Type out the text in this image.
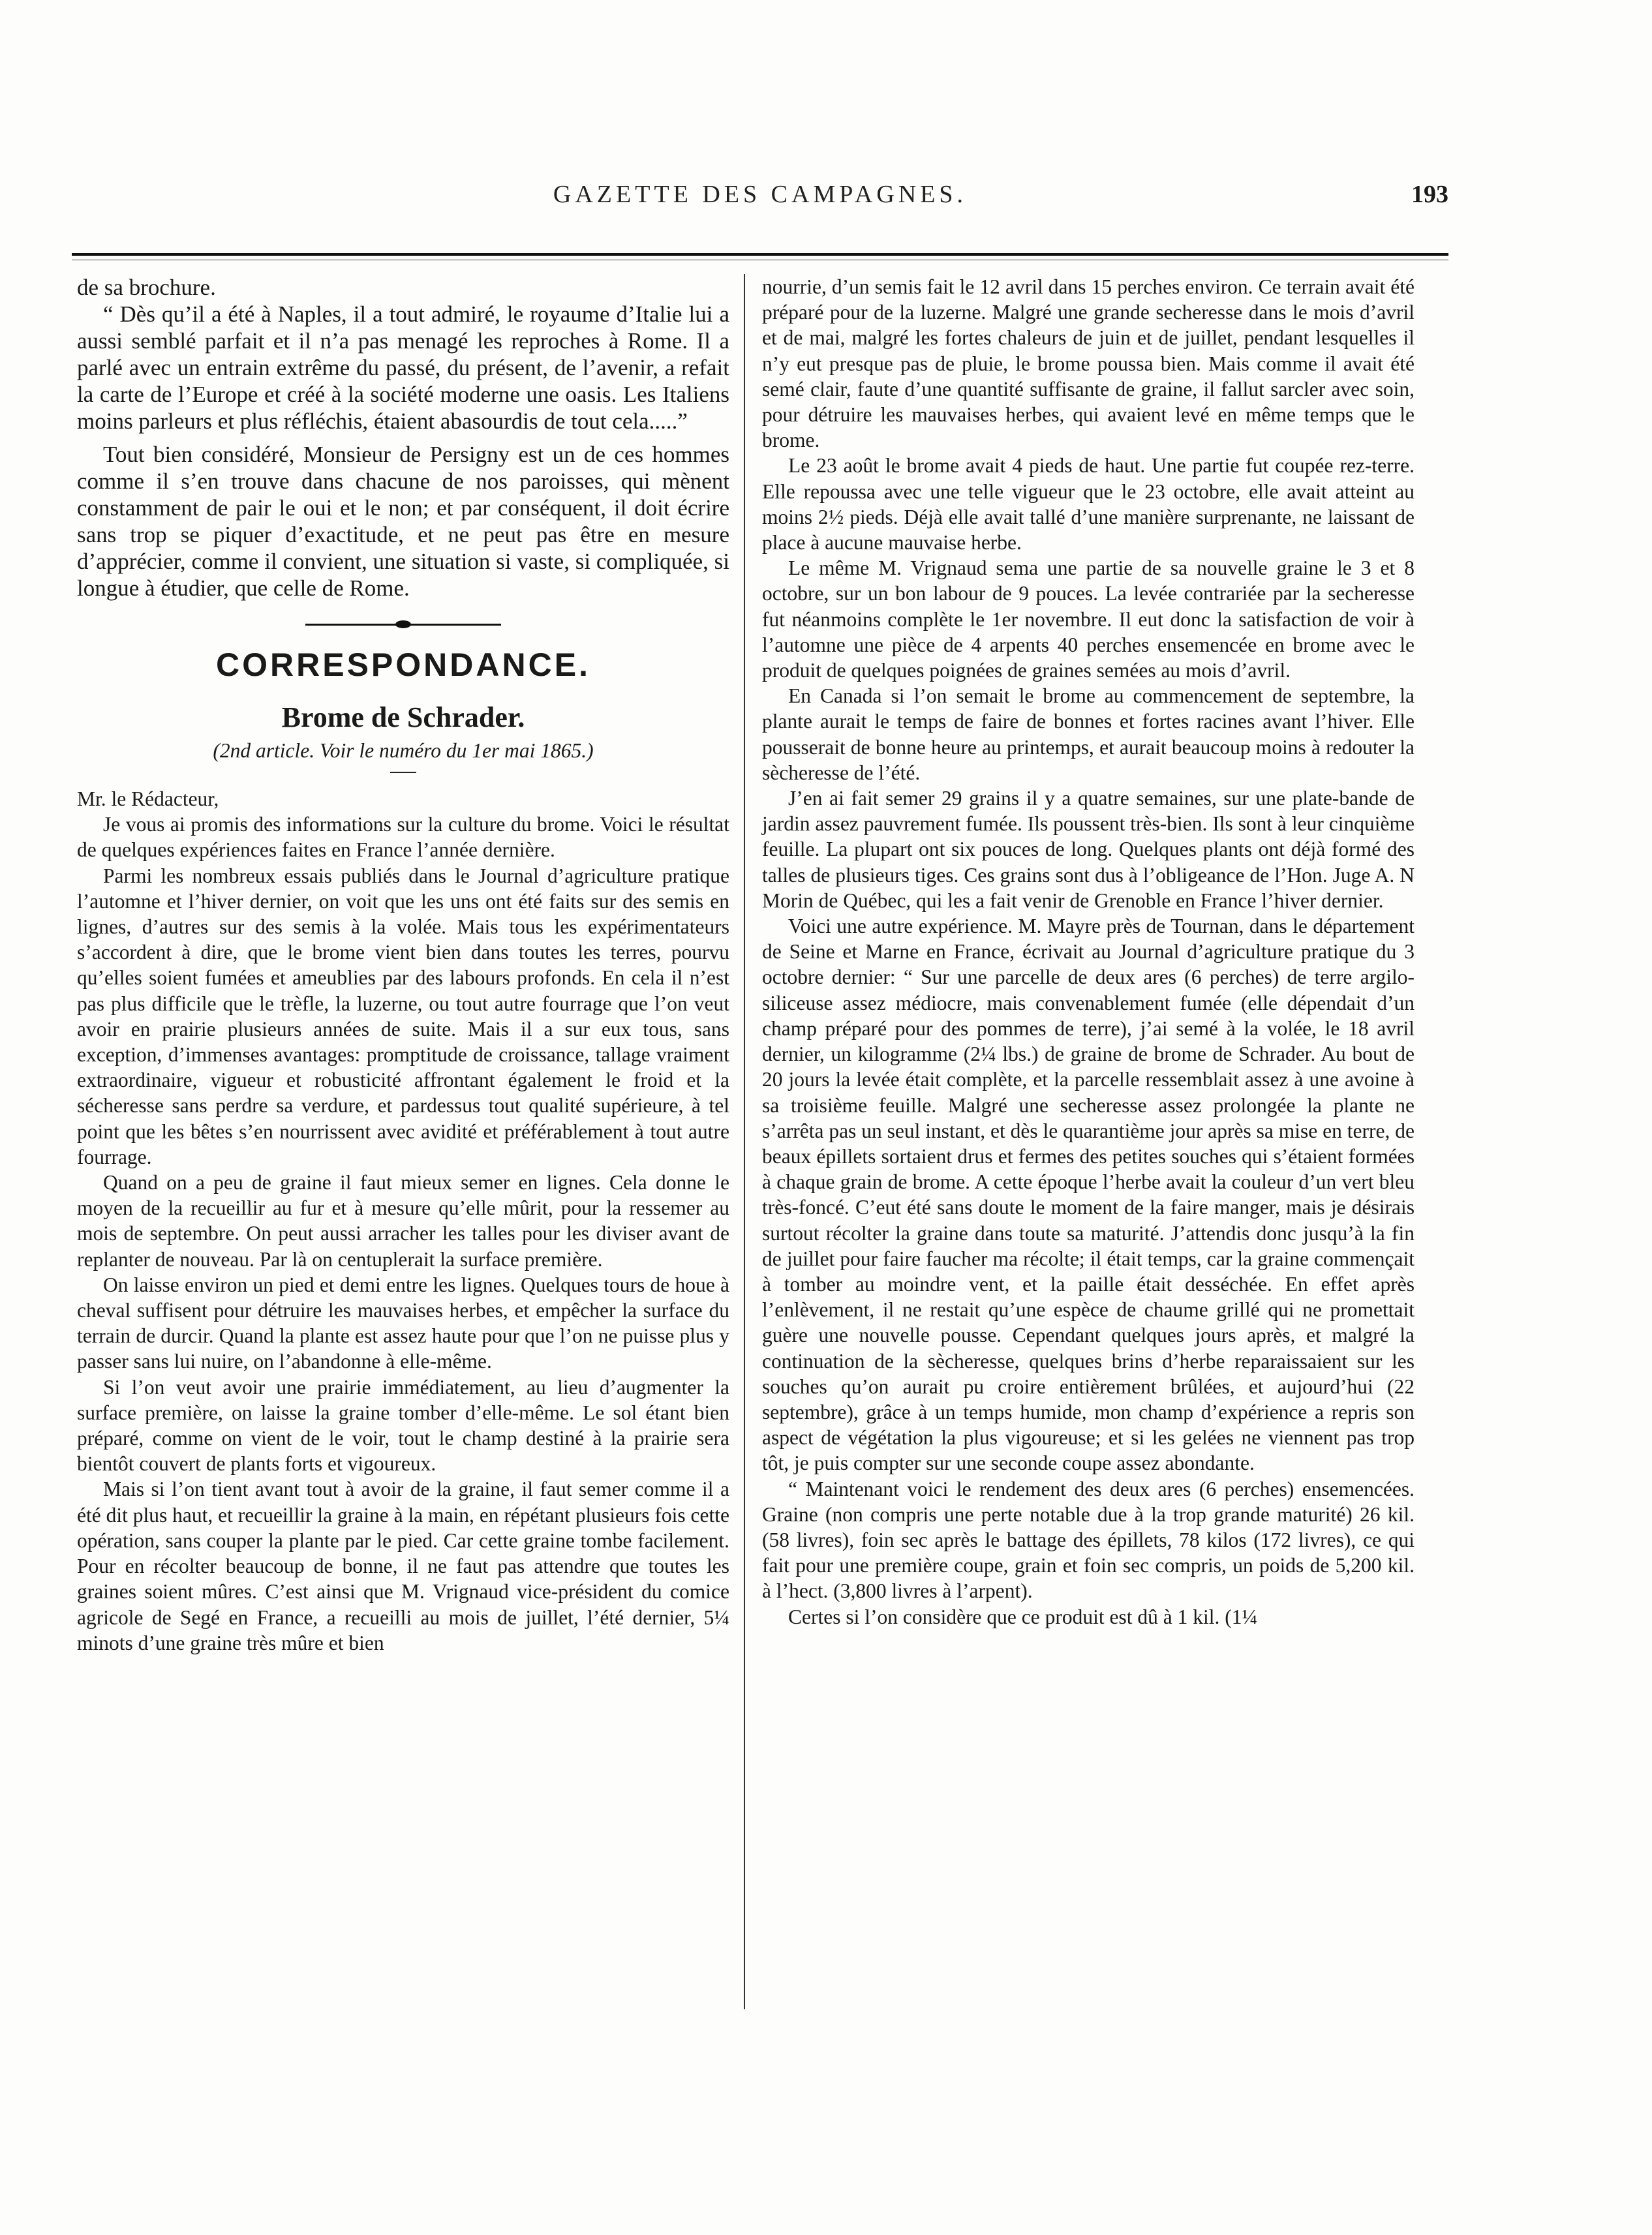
GAZETTE DES CAMPAGNES.	193

de sa brochure.

“ Dès qu’il a été à Naples, il a tout admiré, le royaume d’Italie lui a aussi semblé parfait et il n’a pas menagé les reproches à Rome. Il a parlé avec un entrain extrême du passé, du présent, de l’avenir, a refait la carte de l’Europe et créé à la société moderne une oasis. Les Italiens moins parleurs et plus réfléchis, étaient abasourdis de tout cela.....”

Tout bien considéré, Monsieur de Persigny est un de ces hommes comme il s’en trouve dans chacune de nos paroisses, qui mènent constamment de pair le oui et le non; et par conséquent, il doit écrire sans trop se piquer d’exactitude, et ne peut pas être en mesure d’apprécier, comme il convient, une situation si vaste, si compliquée, si longue à étudier, que celle de Rome.

CORRESPONDANCE.
Brome de Schrader.
(2nd article. Voir le numéro du 1er mai 1865.)

Mr. le Rédacteur,

Je vous ai promis des informations sur la culture du brome. Voici le résultat de quelques expériences faites en France l’année dernière.

Parmi les nombreux essais publiés dans le Journal d’agriculture pratique l’automne et l’hiver dernier, on voit que les uns ont été faits sur des semis en lignes, d’autres sur des semis à la volée. Mais tous les expérimentateurs s’accordent à dire, que le brome vient bien dans toutes les terres, pourvu qu’elles soient fumées et ameublies par des labours profonds. En cela il n’est pas plus difficile que le trèfle, la luzerne, ou tout autre fourrage que l’on veut avoir en prairie plusieurs années de suite. Mais il a sur eux tous, sans exception, d’immenses avantages: promptitude de croissance, tallage vraiment extraordinaire, vigueur et robusticité affrontant également le froid et la sécheresse sans perdre sa verdure, et pardessus tout qualité supérieure, à tel point que les bêtes s’en nourrissent avec avidité et préférablement à tout autre fourrage.

Quand on a peu de graine il faut mieux semer en lignes. Cela donne le moyen de la recueillir au fur et à mesure qu’elle mûrit, pour la ressemer au mois de septembre. On peut aussi arracher les talles pour les diviser avant de replanter de nouveau. Par là on centuplerait la surface première.

On laisse environ un pied et demi entre les lignes. Quelques tours de houe à cheval suffisent pour détruire les mauvaises herbes, et empêcher la surface du terrain de durcir. Quand la plante est assez haute pour que l’on ne puisse plus y passer sans lui nuire, on l’abandonne à elle-même.

Si l’on veut avoir une prairie immédiatement, au lieu d’augmenter la surface première, on laisse la graine tomber d’elle-même. Le sol étant bien préparé, comme on vient de le voir, tout le champ destiné à la prairie sera bientôt couvert de plants forts et vigoureux.

Mais si l’on tient avant tout à avoir de la graine, il faut semer comme il a été dit plus haut, et recueillir la graine à la main, en répétant plusieurs fois cette opération, sans couper la plante par le pied. Car cette graine tombe facilement. Pour en récolter beaucoup de bonne, il ne faut pas attendre que toutes les graines soient mûres. C’est ainsi que M. Vrignaud vice-président du comice agricole de Segé en France, a recueilli au mois de juillet, l’été dernier, 5¼ minots d’une graine très mûre et bien

nourrie, d’un semis fait le 12 avril dans 15 perches environ. Ce terrain avait été préparé pour de la luzerne. Malgré une grande secheresse dans le mois d’avril et de mai, malgré les fortes chaleurs de juin et de juillet, pendant lesquelles il n’y eut presque pas de pluie, le brome poussa bien. Mais comme il avait été semé clair, faute d’une quantité suffisante de graine, il fallut sarcler avec soin, pour détruire les mauvaises herbes, qui avaient levé en même temps que le brome.

Le 23 août le brome avait 4 pieds de haut. Une partie fut coupée rez-terre. Elle repoussa avec une telle vigueur que le 23 octobre, elle avait atteint au moins 2½ pieds. Déjà elle avait tallé d’une manière surprenante, ne laissant de place à aucune mauvaise herbe.

Le même M. Vrignaud sema une partie de sa nouvelle graine le 3 et 8 octobre, sur un bon labour de 9 pouces. La levée contrariée par la secheresse fut néanmoins complète le 1er novembre. Il eut donc la satisfaction de voir à l’automne une pièce de 4 arpents 40 perches ensemencée en brome avec le produit de quelques poignées de graines semées au mois d’avril.

En Canada si l’on semait le brome au commencement de septembre, la plante aurait le temps de faire de bonnes et fortes racines avant l’hiver. Elle pousserait de bonne heure au printemps, et aurait beaucoup moins à redouter la sècheresse de l’été.

J’en ai fait semer 29 grains il y a quatre semaines, sur une plate-bande de jardin assez pauvrement fumée. Ils poussent très-bien. Ils sont à leur cinquième feuille. La plupart ont six pouces de long. Quelques plants ont déjà formé des talles de plusieurs tiges. Ces grains sont dus à l’obligeance de l’Hon. Juge A. N Morin de Québec, qui les a fait venir de Grenoble en France l’hiver dernier.

Voici une autre expérience. M. Mayre près de Tournan, dans le département de Seine et Marne en France, écrivait au Journal d’agriculture pratique du 3 octobre dernier: “ Sur une parcelle de deux ares (6 perches) de terre argilo-siliceuse assez médiocre, mais convenablement fumée (elle dépendait d’un champ préparé pour des pommes de terre), j’ai semé à la volée, le 18 avril dernier, un kilogramme (2¼ lbs.) de graine de brome de Schrader. Au bout de 20 jours la levée était complète, et la parcelle ressemblait assez à une avoine à sa troisième feuille. Malgré une secheresse assez prolongée la plante ne s’arrêta pas un seul instant, et dès le quarantième jour après sa mise en terre, de beaux épillets sortaient drus et fermes des petites souches qui s’étaient formées à chaque grain de brome. A cette époque l’herbe avait la couleur d’un vert bleu très-foncé. C’eut été sans doute le moment de la faire manger, mais je désirais surtout récolter la graine dans toute sa maturité. J’attendis donc jusqu’à la fin de juillet pour faire faucher ma récolte; il était temps, car la graine commençait à tomber au moindre vent, et la paille était desséchée. En effet après l’enlèvement, il ne restait qu’une espèce de chaume grillé qui ne promettait guère une nouvelle pousse. Cependant quelques jours après, et malgré la continuation de la sècheresse, quelques brins d’herbe reparaissaient sur les souches qu’on aurait pu croire entièrement brûlées, et aujourd’hui (22 septembre), grâce à un temps humide, mon champ d’expérience a repris son aspect de végétation la plus vigoureuse; et si les gelées ne viennent pas trop tôt, je puis compter sur une seconde coupe assez abondante.

“ Maintenant voici le rendement des deux ares (6 perches) ensemencées. Graine (non compris une perte notable due à la trop grande maturité) 26 kil. (58 livres), foin sec après le battage des épillets, 78 kilos (172 livres), ce qui fait pour une première coupe, grain et foin sec compris, un poids de 5,200 kil. à l’hect. (3,800 livres à l’arpent).

Certes si l’on considère que ce produit est dû à 1 kil. (1¼
